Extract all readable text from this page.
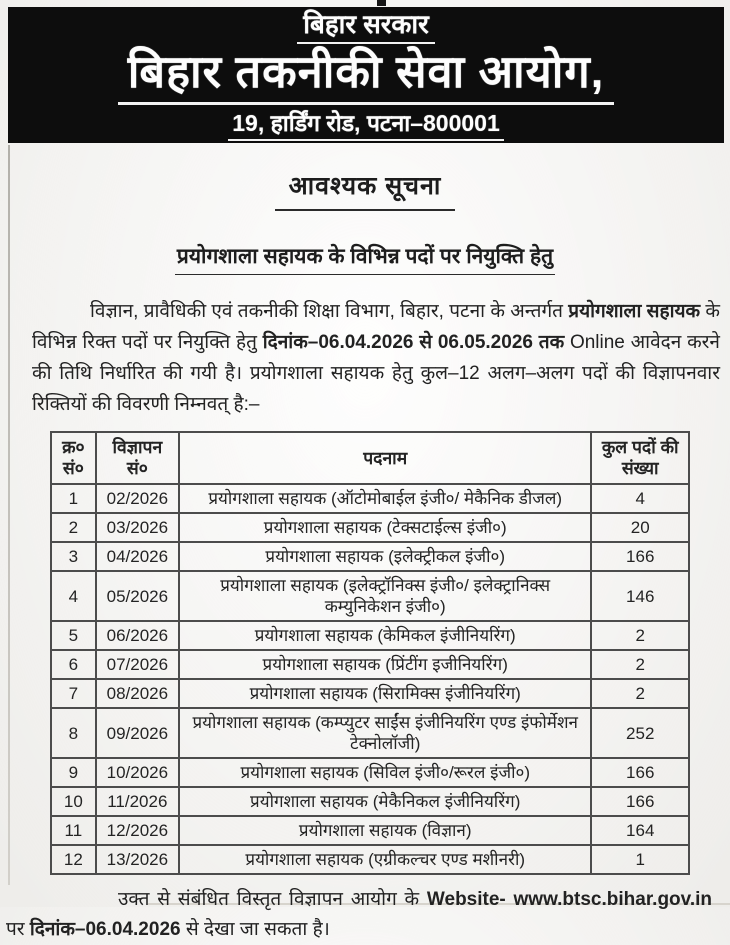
बिहार सरकार
बिहार तकनीकी सेवा आयोग,
19, हार्डिंग रोड, पटना–800001
आवश्यक सूचना
प्रयोगशाला सहायक के विभिन्न पदों पर नियुक्ति हेतु

विज्ञान, प्रावैधिकी एवं तकनीकी शिक्षा विभाग, बिहार, पटना के अन्तर्गत प्रयोगशाला सहायक के विभिन्न रिक्त पदों पर नियुक्ति हेतु दिनांक–06.04.2026 से 06.05.2026 तक Online आवेदन करने की तिथि निर्धारित की गयी है। प्रयोगशाला सहायक हेतु कुल–12 अलग–अलग पदों की विज्ञापनवार रिक्तियों की विवरणी निम्नवत् है:–

क्र० सं०	विज्ञापन सं०	पदनाम	कुल पदों की संख्या
1	02/2026	प्रयोगशाला सहायक (ऑटोमोबाईल इंजी०/ मेकैनिक डीजल)	4
2	03/2026	प्रयोगशाला सहायक (टेक्सटाईल्स इंजी०)	20
3	04/2026	प्रयोगशाला सहायक (इलेक्ट्रीकल इंजी०)	166
4	05/2026	प्रयोगशाला सहायक (इलेक्ट्रॉनिक्स इंजी०/ इलेक्ट्रानिक्स कम्युनिकेशन इंजी०)	146
5	06/2026	प्रयोगशाला सहायक (केमिकल इंजीनियरिंग)	2
6	07/2026	प्रयोगशाला सहायक (प्रिंटींग इजीनियरिंग)	2
7	08/2026	प्रयोगशाला सहायक (सिरामिक्स इंजीनियरिंग)	2
8	09/2026	प्रयोगशाला सहायक (कम्प्युटर साईंस इंजीनियरिंग एण्ड इंफोर्मेशन टेक्नोलॉजी)	252
9	10/2026	प्रयोगशाला सहायक (सिविल इंजी०/रूरल इंजी०)	166
10	11/2026	प्रयोगशाला सहायक (मेकैनिकल इंजीनियरिंग)	166
11	12/2026	प्रयोगशाला सहायक (विज्ञान)	164
12	13/2026	प्रयोगशाला सहायक (एग्रीकल्चर एण्ड मशीनरी)	1

उक्त से संबंधित विस्तृत विज्ञापन आयोग के Website- www.btsc.bihar.gov.in पर दिनांक–06.04.2026 से देखा जा सकता है।
